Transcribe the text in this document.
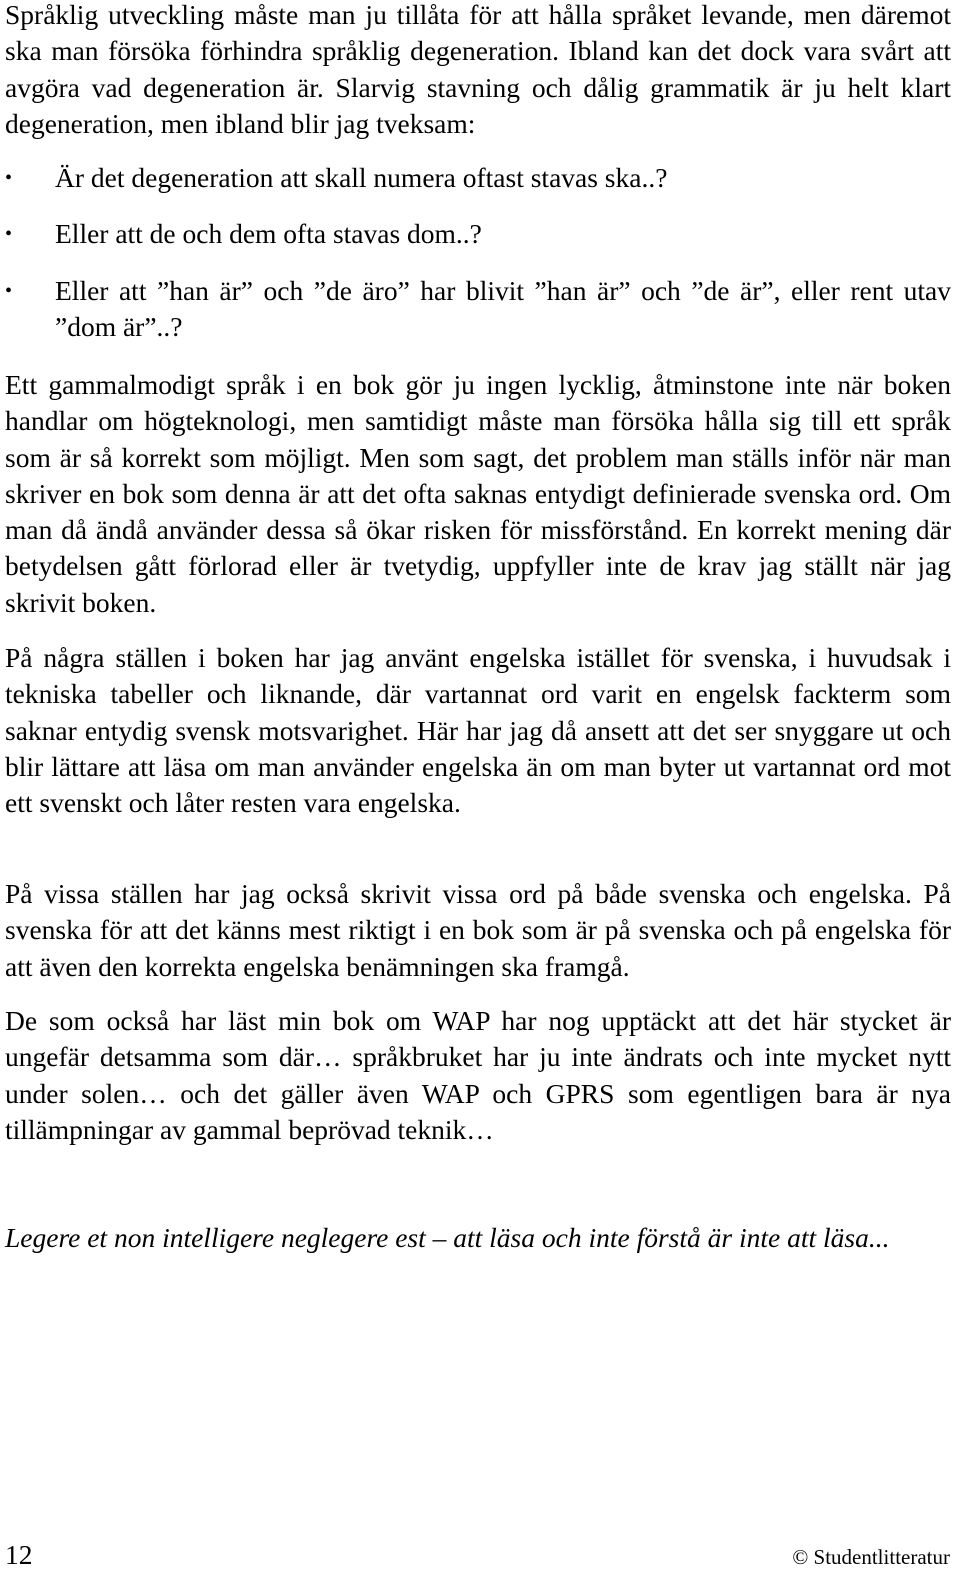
Språklig utveckling måste man ju tillåta för att hålla språket levande, men däremot ska man försöka förhindra språklig degeneration. Ibland kan det dock vara svårt att avgöra vad degeneration är. Slarvig stavning och dålig grammatik är ju helt klart degeneration, men ibland blir jag tveksam:

•	Är det degeneration att skall numera oftast stavas ska..?
•	Eller att de och dem ofta stavas dom..?
•	Eller att ”han är” och ”de äro” har blivit ”han är” och ”de är”, eller rent utav ”dom är”..?

Ett gammalmodigt språk i en bok gör ju ingen lycklig, åtminstone inte när boken handlar om högteknologi, men samtidigt måste man försöka hålla sig till ett språk som är så korrekt som möjligt. Men som sagt, det problem man ställs inför när man skriver en bok som denna är att det ofta saknas entydigt definierade svenska ord. Om man då ändå använder dessa så ökar risken för missförstånd. En korrekt mening där betydelsen gått förlorad eller är tvetydig, uppfyller inte de krav jag ställt när jag skrivit boken.

På några ställen i boken har jag använt engelska istället för svenska, i huvudsak i tekniska tabeller och liknande, där vartannat ord varit en engelsk fackterm som saknar entydig svensk motsvarighet. Här har jag då ansett att det ser snyggare ut och blir lättare att läsa om man använder engelska än om man byter ut vartannat ord mot ett svenskt och låter resten vara engelska.

På vissa ställen har jag också skrivit vissa ord på både svenska och engelska. På svenska för att det känns mest riktigt i en bok som är på svenska och på engelska för att även den korrekta engelska benämningen ska framgå.

De som också har läst min bok om WAP har nog upptäckt att det här stycket är ungefär detsamma som där… språkbruket har ju inte ändrats och inte mycket nytt under solen… och det gäller även WAP och GPRS som egentligen bara är nya tillämpningar av gammal beprövad teknik…

Legere et non intelligere neglegere est – att läsa och inte förstå är inte att läsa...

12	© Studentlitteratur
